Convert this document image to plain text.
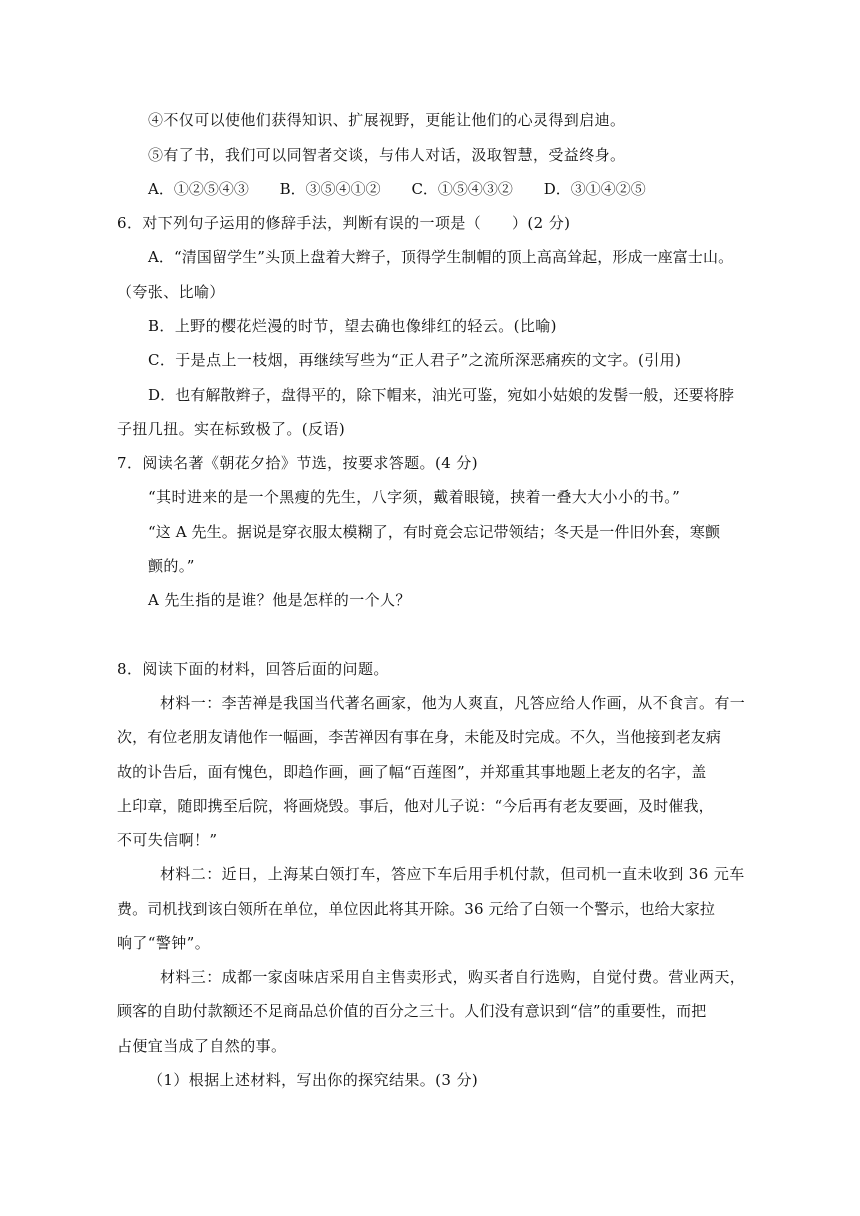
④不仅可以使他们获得知识、扩展视野，更能让他们的心灵得到启迪。
⑤有了书，我们可以同智者交谈，与伟人对话，汲取智慧，受益终身。
A．①②⑤④③ B．③⑤④①② C．①⑤④③② D．③①④②⑤
6．对下列句子运用的修辞手法，判断有误的一项是（　　）(2 分)
A．“清国留学生”头顶上盘着大辫子，顶得学生制帽的顶上高高耸起，形成一座富士山。
（夸张、比喻）
B．上野的樱花烂漫的时节，望去确也像绯红的轻云。(比喻)
C．于是点上一枝烟，再继续写些为“正人君子”之流所深恶痛疾的文字。(引用)
D．也有解散辫子，盘得平的，除下帽来，油光可鉴，宛如小姑娘的发髻一般，还要将脖
子扭几扭。实在标致极了。(反语)
7．阅读名著《朝花夕拾》节选，按要求答题。(4 分)
“其时进来的是一个黑瘦的先生，八字须，戴着眼镜，挟着一叠大大小小的书。”
“这 A 先生。据说是穿衣服太模糊了，有时竟会忘记带领结；冬天是一件旧外套，寒颤
颤的。”
A 先生指的是谁？他是怎样的一个人？
8．阅读下面的材料，回答后面的问题。
材料一：李苦禅是我国当代著名画家，他为人爽直，凡答应给人作画，从不食言。有一
次，有位老朋友请他作一幅画，李苦禅因有事在身，未能及时完成。不久，当他接到老友病
故的讣告后，面有愧色，即趋作画，画了幅“百莲图”，并郑重其事地题上老友的名字，盖
上印章，随即携至后院，将画烧毁。事后，他对儿子说：“今后再有老友要画，及时催我，
不可失信啊！”
材料二：近日，上海某白领打车，答应下车后用手机付款，但司机一直未收到 36 元车
费。司机找到该白领所在单位，单位因此将其开除。36 元给了白领一个警示，也给大家拉
响了“警钟”。
材料三：成都一家卤味店采用自主售卖形式，购买者自行选购，自觉付费。营业两天，
顾客的自助付款额还不足商品总价值的百分之三十。人们没有意识到“信”的重要性，而把
占便宜当成了自然的事。
（1）根据上述材料，写出你的探究结果。(3 分)
